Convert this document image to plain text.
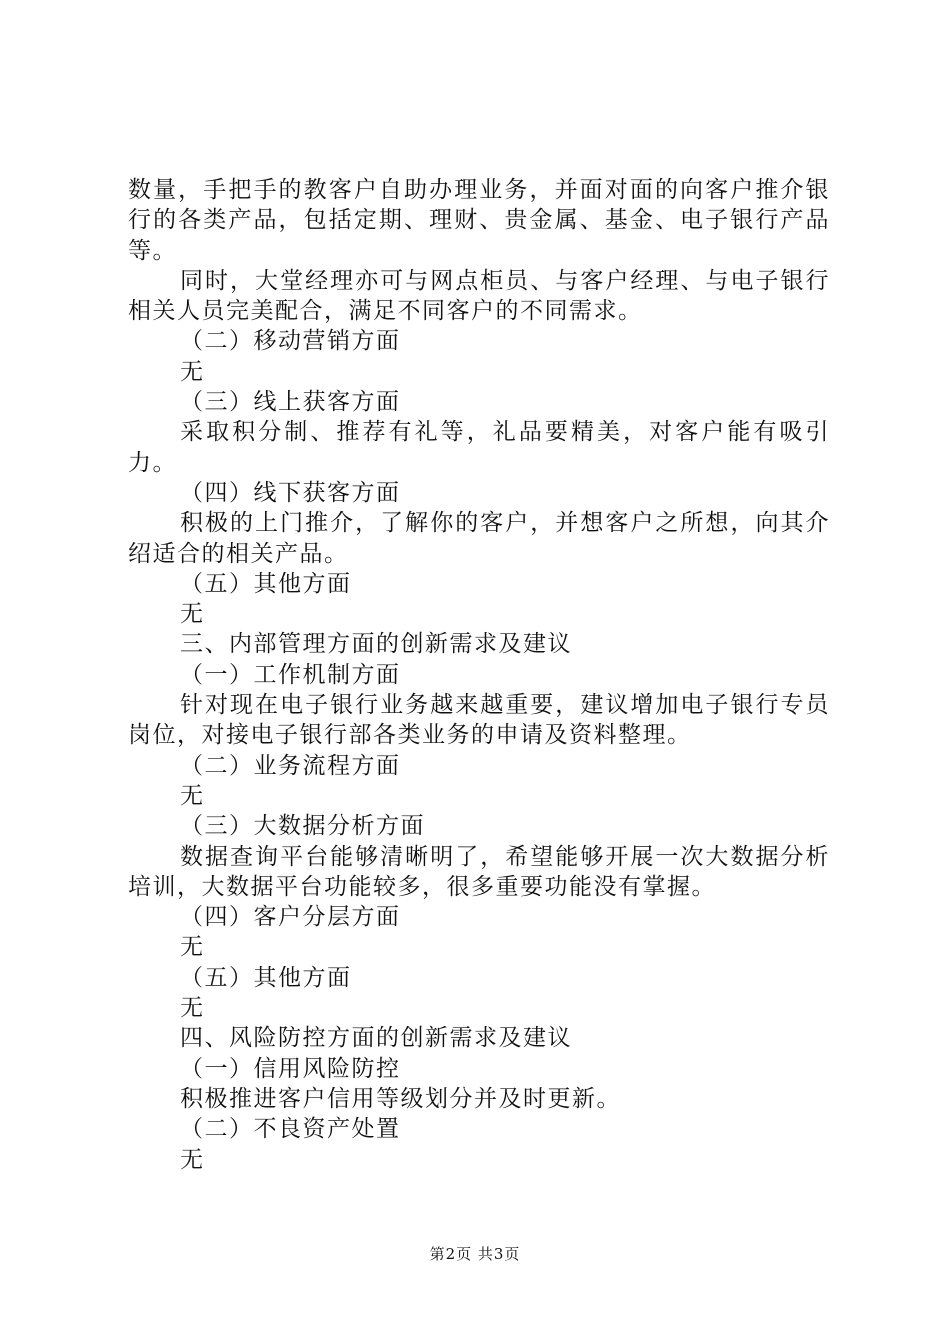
数量，手把手的教客户自助办理业务，并面对面的向客户推介银行的各类产品，包括定期、理财、贵金属、基金、电子银行产品等。

同时，大堂经理亦可与网点柜员、与客户经理、与电子银行相关人员完美配合，满足不同客户的不同需求。

（二）移动营销方面

无

（三）线上获客方面

采取积分制、推荐有礼等，礼品要精美，对客户能有吸引力。

（四）线下获客方面

积极的上门推介，了解你的客户，并想客户之所想，向其介绍适合的相关产品。

（五）其他方面

无

三、内部管理方面的创新需求及建议

（一）工作机制方面

针对现在电子银行业务越来越重要，建议增加电子银行专员岗位，对接电子银行部各类业务的申请及资料整理。

（二）业务流程方面

无

（三）大数据分析方面

数据查询平台能够清晰明了，希望能够开展一次大数据分析培训，大数据平台功能较多，很多重要功能没有掌握。

（四）客户分层方面

无

（五）其他方面

无

四、风险防控方面的创新需求及建议

（一）信用风险防控

积极推进客户信用等级划分并及时更新。

（二）不良资产处置

无

第2页 共3页
